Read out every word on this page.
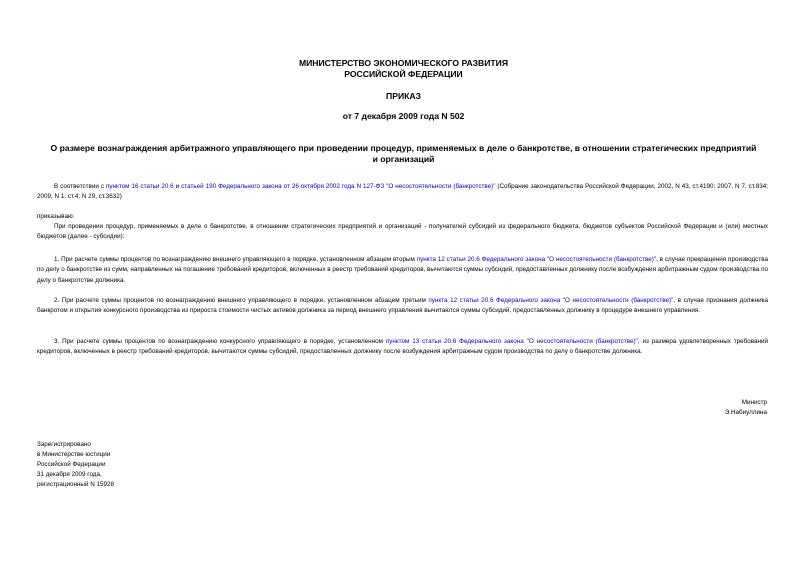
МИНИСТЕРСТВО ЭКОНОМИЧЕСКОГО РАЗВИТИЯ
РОССИЙСКОЙ ФЕДЕРАЦИИ
ПРИКАЗ
от 7 декабря 2009 года N 502
О размере вознаграждения арбитражного управляющего при проведении процедур, применяемых в деле о банкротстве, в отношении стратегических предприятий
и организаций
В соответствии с пунктом 16 статьи 20.6 и статьей 190 Федерального закона от 26 октября 2002 года N 127-ФЗ "О несостоятельности (банкротстве)" (Собрание законодательства Российской Федерации, 2002, N 43, ст.4190; 2007, N 7, ст.834; 2009, N 1, ст.4; N 29, ст.3632)
приказываю:
При проведении процедур, применяемых в деле о банкротстве, в отношении стратегических предприятий и организаций - получателей субсидий из федерального бюджета, бюджетов субъектов Российской Федерации и (или) местных бюджетов (далее - субсидии):
1. При расчете суммы процентов по вознаграждению внешнего управляющего в порядке, установленном абзацем вторым пункта 12 статьи 20.6 Федерального закона "О несостоятельности (банкротстве)", в случае прекращения производства по делу о банкротстве из сумм, направленных на погашение требований кредиторов, включенных в реестр требований кредиторов, вычитаются суммы субсидий, предоставленных должнику после возбуждения арбитражным судом производства по делу о банкротстве должника.
2. При расчете суммы процентов по вознаграждению внешнего управляющего в порядке, установленном абзацем третьим пункта 12 статьи 20.6 Федерального закона "О несостоятельности (банкротстве)", в случае признания должника банкротом и открытия конкурсного производства из прироста стоимости чистых активов должника за период внешнего управления вычитаются суммы субсидий, предоставленных должнику в процедуре внешнего управления.
3. При расчете суммы процентов по вознаграждению конкурсного управляющего в порядке, установленном пунктом 13 статьи 20.6 Федерального закона "О несостоятельности (банкротстве)", из размера удовлетворенных требований кредиторов, включенных в реестр требований кредиторов, вычитаются суммы субсидий, предоставленных должнику после возбуждения арбитражным судом производства по делу о банкротстве должника.
Министр
Э.Набиуллина
Зарегистрировано
в Министерстве юстиции
Российской Федерации
31 декабря 2009 года,
регистрационный N 15928
